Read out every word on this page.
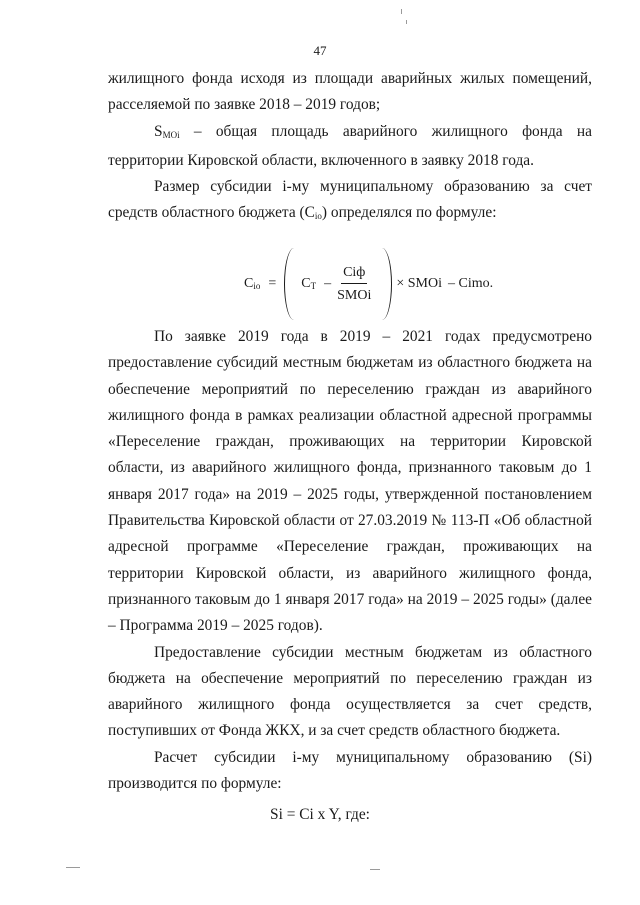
47

жилищного фонда исходя из площади аварийных жилых помещений, расселяемой по заявке 2018 – 2019 годов;

$S_{MOi}$ – общая площадь аварийного жилищного фонда на территории Кировской области, включенного в заявку 2018 года.

Размер субсидии i-му муниципальному образованию за счет средств областного бюджета $(С_{io})$ определялся по формуле:

$С_{io} = С_T - \frac{\text{Ciф}}{\text{SMOi}}$ × SMOi – Cimo .

По заявке 2019 года в 2019 – 2021 годах предусмотрено предоставление субсидий местным бюджетам из областного бюджета на обеспечение мероприятий по переселению граждан из аварийного жилищного фонда в рамках реализации областной адресной программы «Переселение граждан, проживающих на территории Кировской области, из аварийного жилищного фонда, признанного таковым до 1 января 2017 года» на 2019 – 2025 годы, утвержденной постановлением Правительства Кировской области от 27.03.2019 № 113-П «Об областной адресной программе «Переселение граждан, проживающих на территории Кировской области, из аварийного жилищного фонда, признанного таковым до 1 января 2017 года» на 2019 – 2025 годы» (далее – Программа 2019 – 2025 годов).

Предоставление субсидии местным бюджетам из областного бюджета на обеспечение мероприятий по переселению граждан из аварийного жилищного фонда осуществляется за счет средств, поступивших от Фонда ЖКХ, и за счет средств областного бюджета.

Расчет субсидии i-му муниципальному образованию (Si) производится по формуле:

Si = Ci x Y, где:
